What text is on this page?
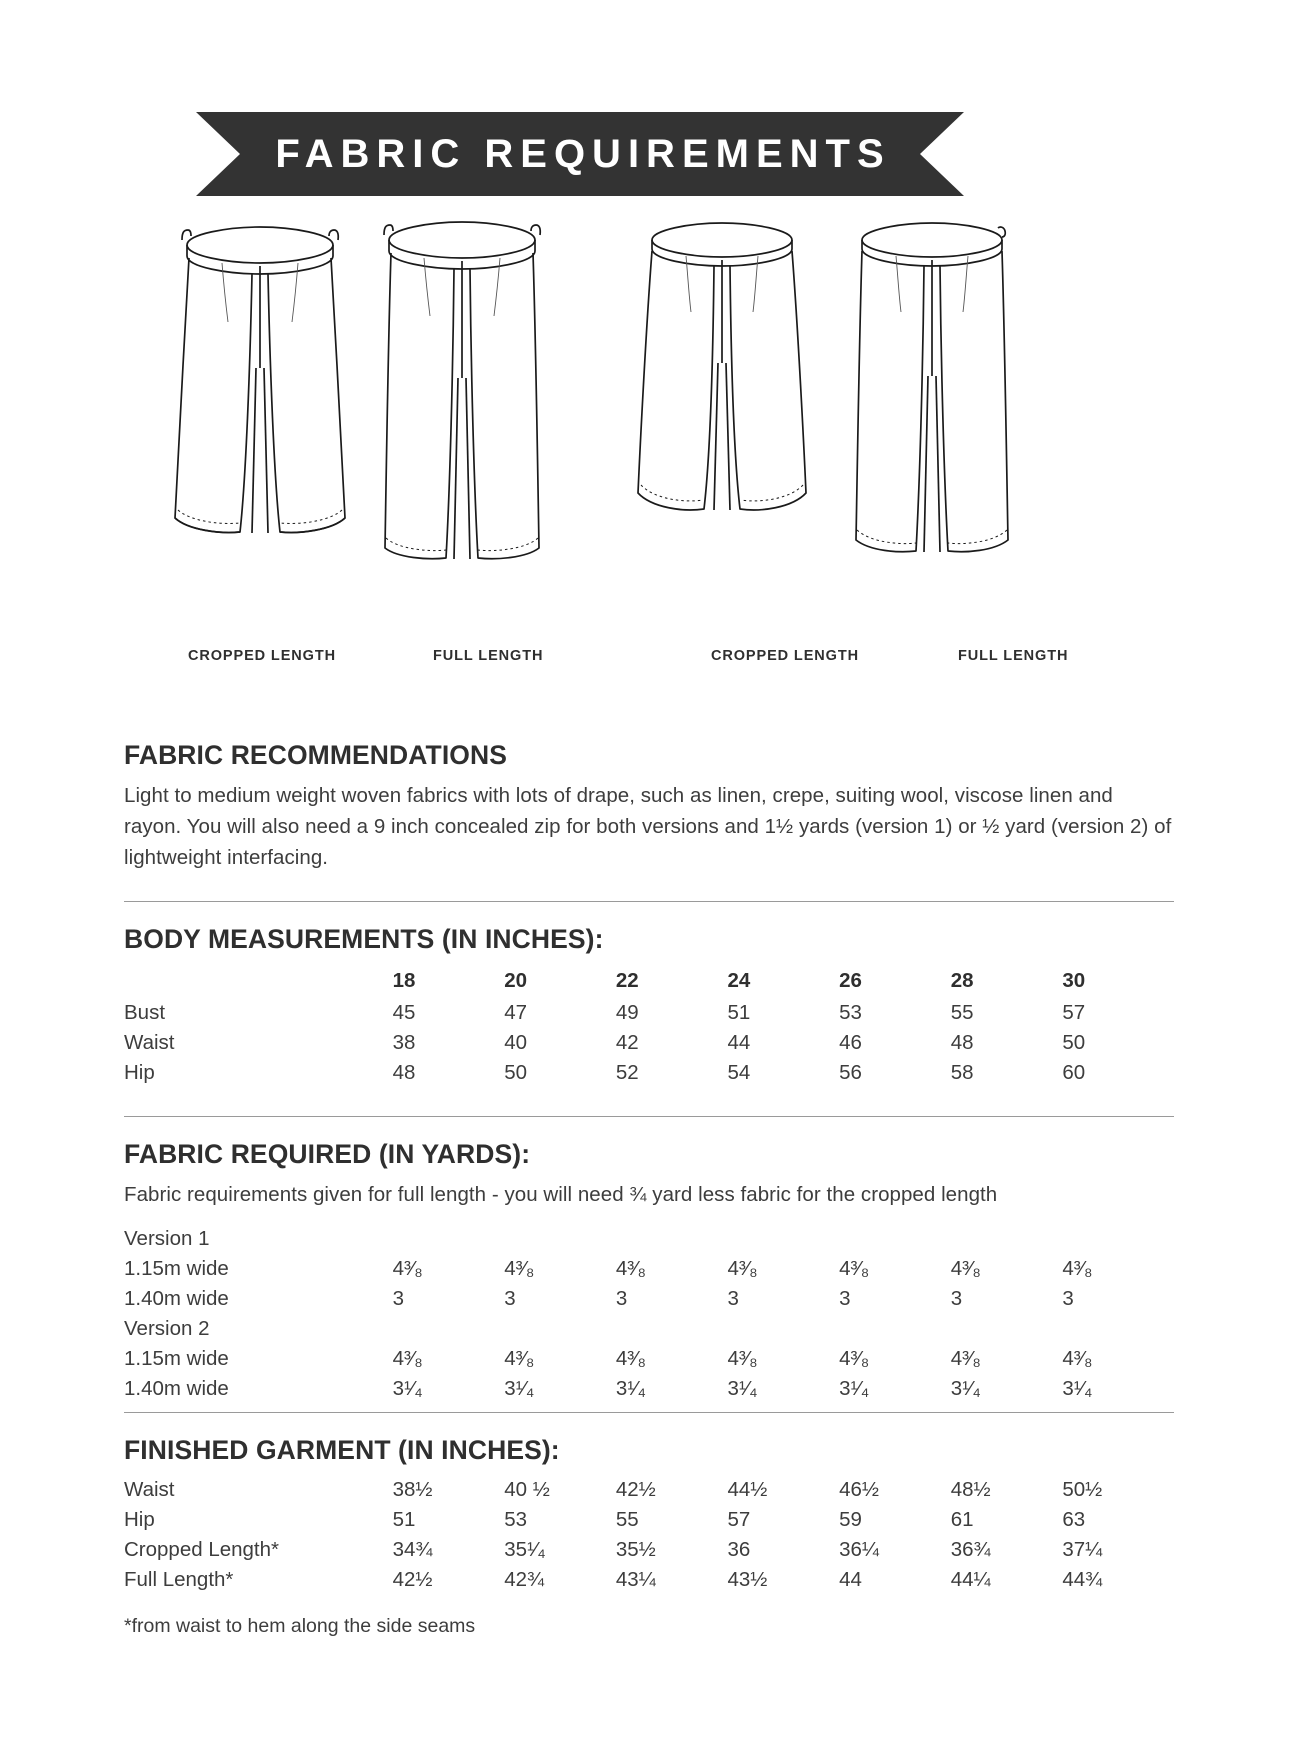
FABRIC REQUIREMENTS
CROPPED LENGTH	FULL LENGTH	CROPPED LENGTH	FULL LENGTH
FABRIC RECOMMENDATIONS

Light to medium weight woven fabrics with lots of drape, such as linen, crepe, suiting wool, viscose linen and rayon. You will also need a 9 inch concealed zip for both versions and 1½ yards (version 1) or ½ yard (version 2) of lightweight interfacing.

BODY MEASUREMENTS (IN INCHES):
	18	20	22	24	26	28	30
Bust	45	47	49	51	53	55	57
Waist	38	40	42	44	46	48	50
Hip	48	50	52	54	56	58	60
FABRIC REQUIRED (IN YARDS):

Fabric requirements given for full length - you will need ¾ yard less fabric for the cropped length

Version 1							
1.15m wide	4³⁄₈	4³⁄₈	4³⁄₈	4³⁄₈	4³⁄₈	4³⁄₈	4³⁄₈
1.40m wide	3	3	3	3	3	3	3
Version 2							
1.15m wide	4³⁄₈	4³⁄₈	4³⁄₈	4³⁄₈	4³⁄₈	4³⁄₈	4³⁄₈
1.40m wide	3¹⁄₄	3¹⁄₄	3¹⁄₄	3¹⁄₄	3¹⁄₄	3¹⁄₄	3¹⁄₄
FINISHED GARMENT (IN INCHES):
Waist	38½	40 ½	42½	44½	46½	48½	50½
Hip	51	53	55	57	59	61	63
Cropped Length*	34¾	35¹⁄₄	35½	36	36¼	36¾	37¼
Full Length*	42½	42¾	43¼	43½	44	44¼	44¾
*from waist to hem along the side seams
